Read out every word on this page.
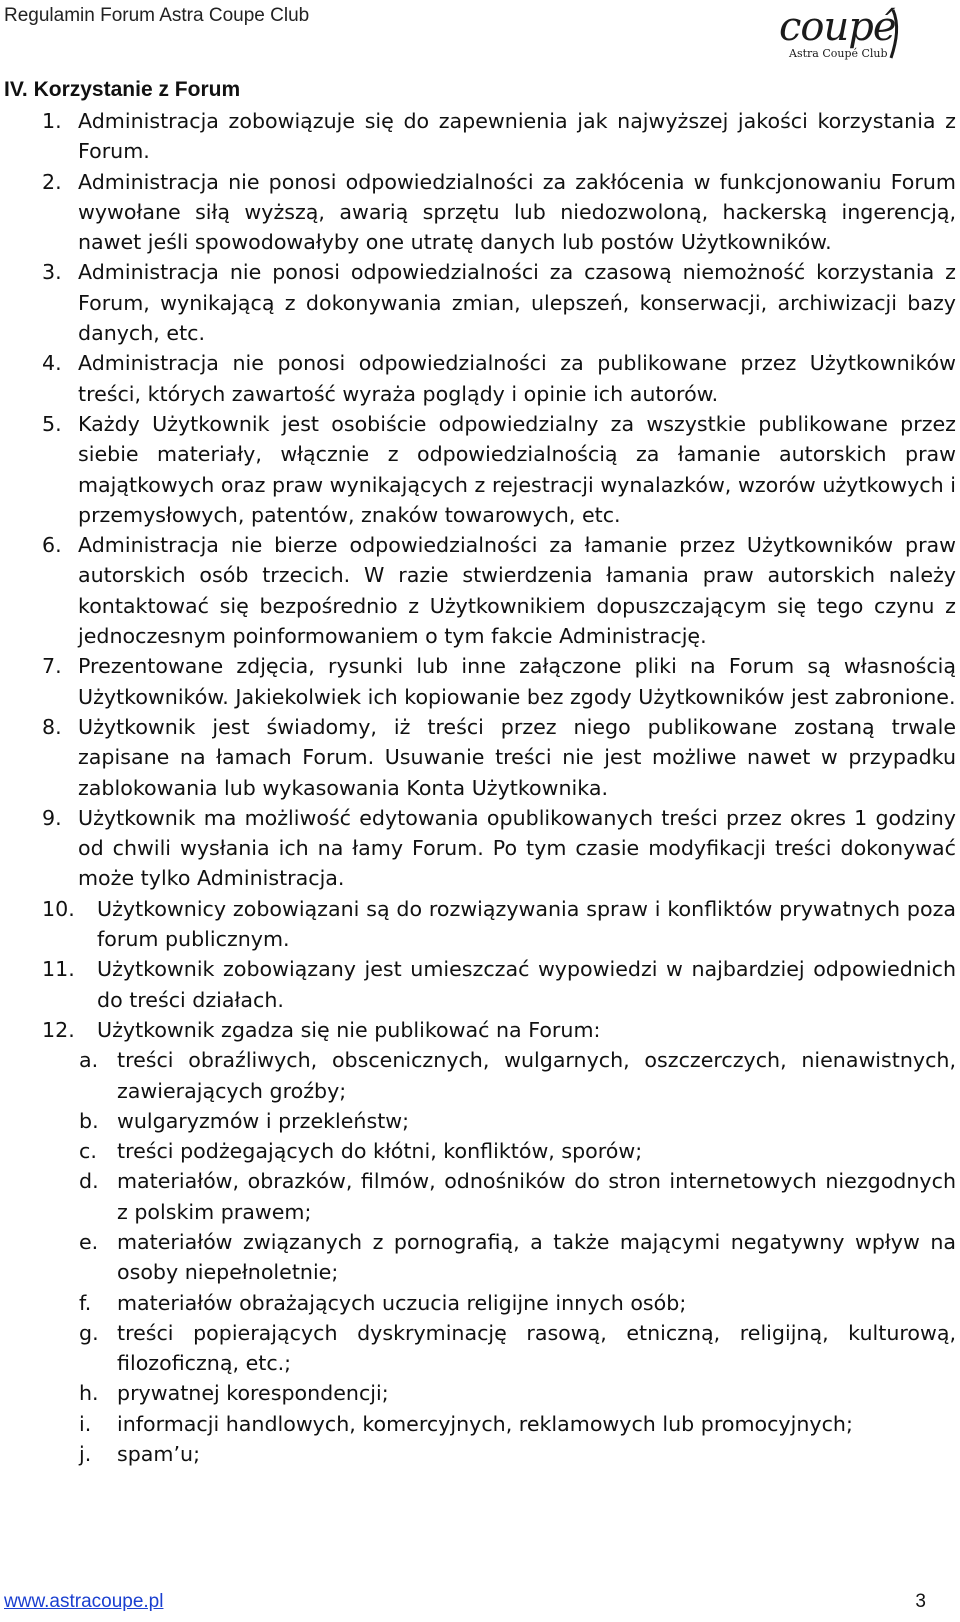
Regulamin Forum Astra Coupe Club	coupé
Astra Coupé Club
IV. Korzystanie z Forum
1. Administracja zobowiązuje się do zapewnienia jak najwyższej jakości korzystania z Forum.
2. Administracja nie ponosi odpowiedzialności za zakłócenia w funkcjonowaniu Forum wywołane siłą wyższą, awarią sprzętu lub niedozwoloną, hackerską ingerencją, nawet jeśli spowodowałyby one utratę danych lub postów Użytkowników.
3. Administracja nie ponosi odpowiedzialności za czasową niemożność korzystania z Forum, wynikającą z dokonywania zmian, ulepszeń, konserwacji, archiwizacji bazy danych, etc.
4. Administracja nie ponosi odpowiedzialności za publikowane przez Użytkowników treści, których zawartość wyraża poglądy i opinie ich autorów.
5. Każdy Użytkownik jest osobiście odpowiedzialny za wszystkie publikowane przez siebie materiały, włącznie z odpowiedzialnością za łamanie autorskich praw majątkowych oraz praw wynikających z rejestracji wynalazków, wzorów użytkowych i przemysłowych, patentów, znaków towarowych, etc.
6. Administracja nie bierze odpowiedzialności za łamanie przez Użytkowników praw autorskich osób trzecich. W razie stwierdzenia łamania praw autorskich należy kontaktować się bezpośrednio z Użytkownikiem dopuszczającym się tego czynu z jednoczesnym poinformowaniem o tym fakcie Administrację.
7. Prezentowane zdjęcia, rysunki lub inne załączone pliki na Forum są własnością Użytkowników. Jakiekolwiek ich kopiowanie bez zgody Użytkowników jest zabronione.
8. Użytkownik jest świadomy, iż treści przez niego publikowane zostaną trwale zapisane na łamach Forum. Usuwanie treści nie jest możliwe nawet w przypadku zablokowania lub wykasowania Konta Użytkownika.
9. Użytkownik ma możliwość edytowania opublikowanych treści przez okres 1 godziny od chwili wysłania ich na łamy Forum. Po tym czasie modyfikacji treści dokonywać może tylko Administracja.
10.	Użytkownicy zobowiązani są do rozwiązywania spraw i konfliktów prywatnych poza forum publicznym.
11.	Użytkownik zobowiązany jest umieszczać wypowiedzi w najbardziej odpowiednich do treści działach.
12.	Użytkownik zgadza się nie publikować na Forum:
a. treści obraźliwych, obscenicznych, wulgarnych, oszczerczych, nienawistnych, zawierających groźby;
b. wulgaryzmów i przekleństw;
c. treści podżegających do kłótni, konfliktów, sporów;
d. materiałów, obrazków, filmów, odnośników do stron internetowych niezgodnych z polskim prawem;
e. materiałów związanych z pornografią, a także mającymi negatywny wpływ na osoby niepełnoletnie;
f.	materiałów obrażających uczucia religijne innych osób;
g. treści popierających dyskryminację rasową, etniczną, religijną, kulturową, filozoficzną, etc.;
h. prywatnej korespondencji;
i.	informacji handlowych, komercyjnych, reklamowych lub promocyjnych;
j.	spam’u;
www.astracoupe.pl	3
